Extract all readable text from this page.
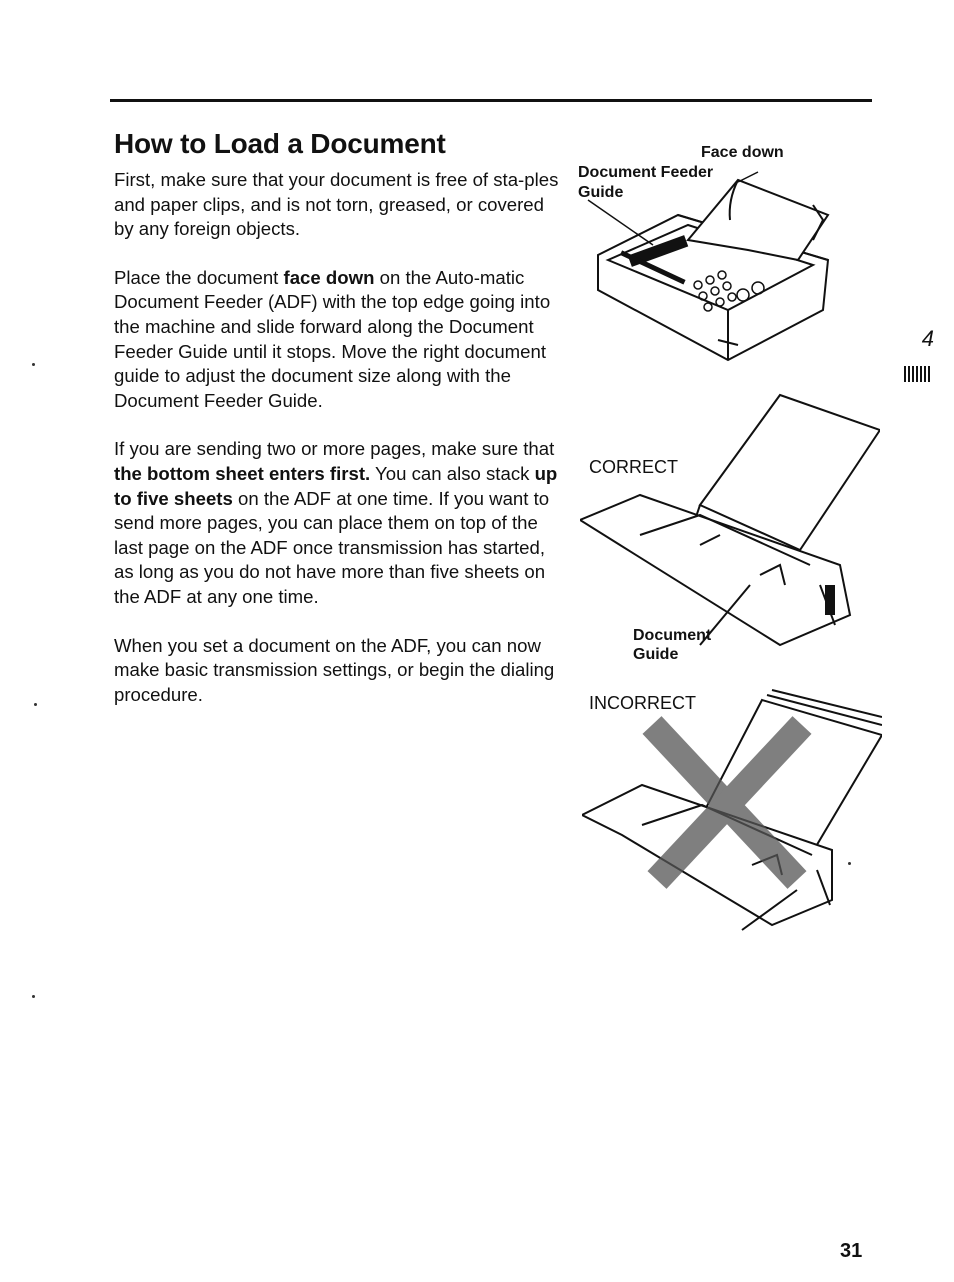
How to Load a Document

First, make sure that your document is free of sta-ples and paper clips, and is not torn, greased, or covered by any foreign objects.

Place the document face down on the Auto-matic Document Feeder (ADF) with the top edge going into the machine and slide forward along the Document Feeder Guide until it stops. Move the right document guide to adjust the document size along with the Document Feeder Guide.

If you are sending two or more pages, make sure that the bottom sheet enters first. You can also stack up to five sheets on the ADF at one time. If you want to send more pages, you can place them on top of the last page on the ADF once transmission has started, as long as you do not have more than five sheets on the ADF at any one time.

When you set a document on the ADF, you can now make basic transmission settings, or begin the dialing procedure.

Face down
Document Feeder
Guide
CORRECT
Document
Guide
INCORRECT
4
31
